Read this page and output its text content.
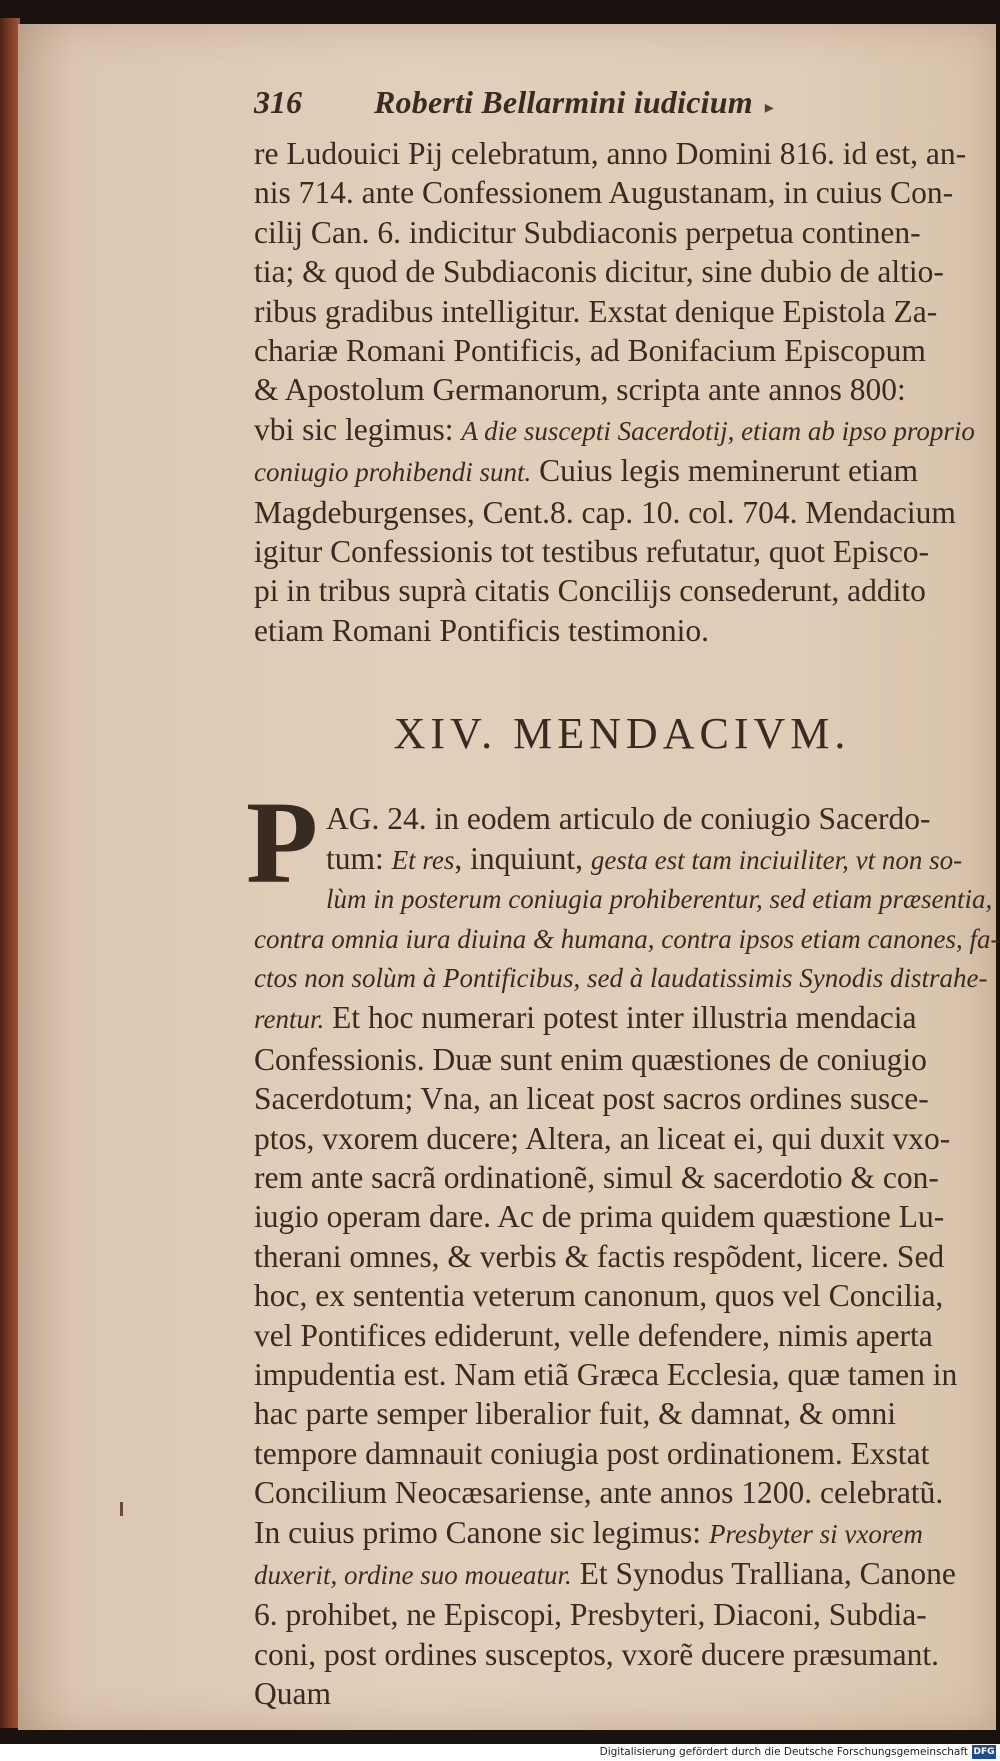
316	Roberti Bellarmini iudicium ▸

re Ludouici Pij celebratum, anno Domini 816. id est, an-
nis 714. ante Confessionem Augustanam, in cuius Con-
cilij Can. 6. indicitur Subdiaconis perpetua continen-
tia; & quod de Subdiaconis dicitur, sine dubio de altio-
ribus gradibus intelligitur. Exstat denique Epistola Za-
chariæ Romani Pontificis, ad Bonifacium Episcopum
& Apostolum Germanorum, scripta ante annos 800:
vbi sic legimus: A die suscepti Sacerdotij, etiam ab ipso proprio
coniugio prohibendi sunt. Cuius legis meminerunt etiam
Magdeburgenses, Cent.8. cap. 10. col. 704. Mendacium
igitur Confessionis tot testibus refutatur, quot Episco-
pi in tribus suprà citatis Concilijs consederunt, addito
etiam Romani Pontificis testimonio.

XIV. MENDACIVM.
P AG. 24. in eodem articulo de coniugio Sacerdo-
tum: Et res, inquiunt, gesta est tam inciuiliter, vt non so-
lùm in posterum coniugia prohiberentur, sed etiam præsentia,
contra omnia iura diuina & humana, contra ipsos etiam canones, fa-
ctos non solùm à Pontificibus, sed à laudatissimis Synodis distrahe-
rentur. Et hoc numerari potest inter illustria mendacia
Confessionis. Duæ sunt enim quæstiones de coniugio
Sacerdotum; Vna, an liceat post sacros ordines susce-
ptos, vxorem ducere; Altera, an liceat ei, qui duxit vxo-
rem ante sacrã ordinationẽ, simul & sacerdotio & con-
iugio operam dare. Ac de prima quidem quæstione Lu-
therani omnes, & verbis & factis respõdent, licere. Sed
hoc, ex sententia veterum canonum, quos vel Concilia,
vel Pontifices ediderunt, velle defendere, nimis aperta
impudentia est. Nam etiã Græca Ecclesia, quæ tamen in
hac parte semper liberalior fuit, & damnat, & omni
tempore damnauit coniugia post ordinationem. Exstat
Concilium Neocæsariense, ante annos 1200. celebratũ.
In cuius primo Canone sic legimus: Presbyter si vxorem
duxerit, ordine suo moueatur. Et Synodus Tralliana, Canone
6. prohibet, ne Episcopi, Presbyteri, Diaconi, Subdia-
coni, post ordines susceptos, vxorẽ ducere præsumant.
Quam

Digitalisierung gefördert durch die Deutsche Forschungsgemeinschaft DFG
